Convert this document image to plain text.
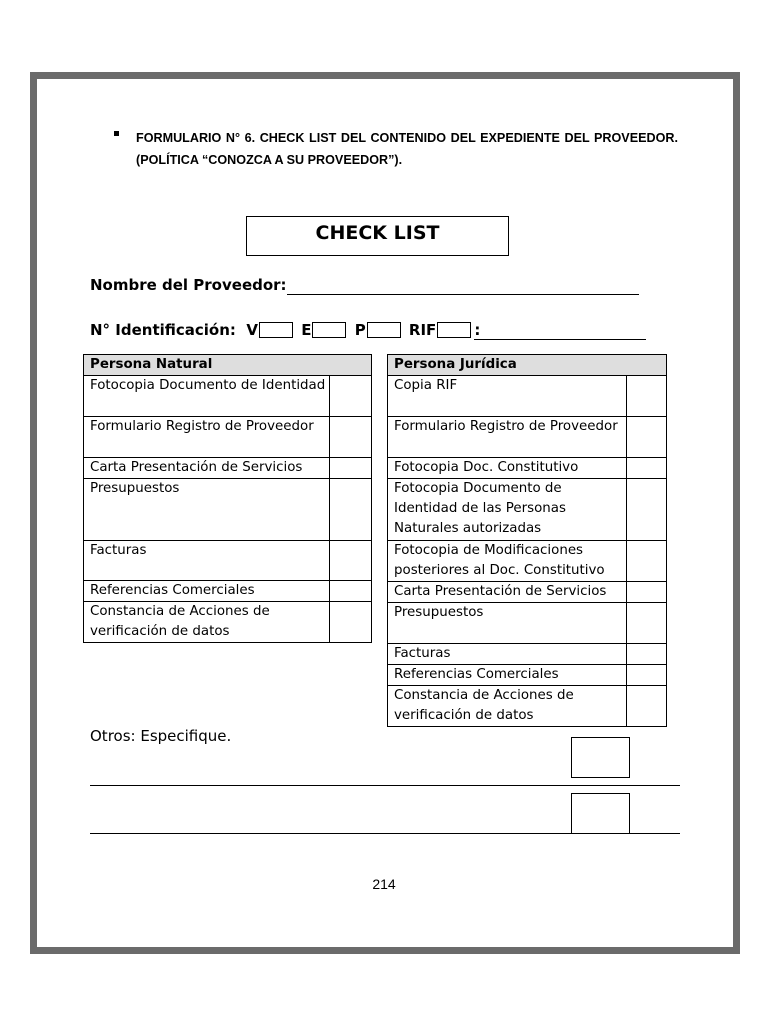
FORMULARIO N° 6. CHECK LIST DEL CONTENIDO DEL EXPEDIENTE DEL PROVEEDOR. (POLÍTICA “CONOZCA A SU PROVEEDOR”).
CHECK LIST
Nombre del Proveedor:
N° Identificación: V	E	P	RIF	:
Persona Natural	
Fotocopia Documento de Identidad	
Formulario Registro de Proveedor	
Carta Presentación de Servicios	
Presupuestos	
Facturas	
Referencias Comerciales	
Constancia de Acciones de verificación de datos	
Persona Jurídica	
Copia RIF	
Formulario Registro de Proveedor	
Fotocopia Doc. Constitutivo	
Fotocopia Documento de Identidad de las Personas Naturales autorizadas	
Fotocopia de Modificaciones posteriores al Doc. Constitutivo	
Carta Presentación de Servicios	
Presupuestos	
Facturas	
Referencias Comerciales	
Constancia de Acciones de verificación de datos	
Otros: Especifique.
214
